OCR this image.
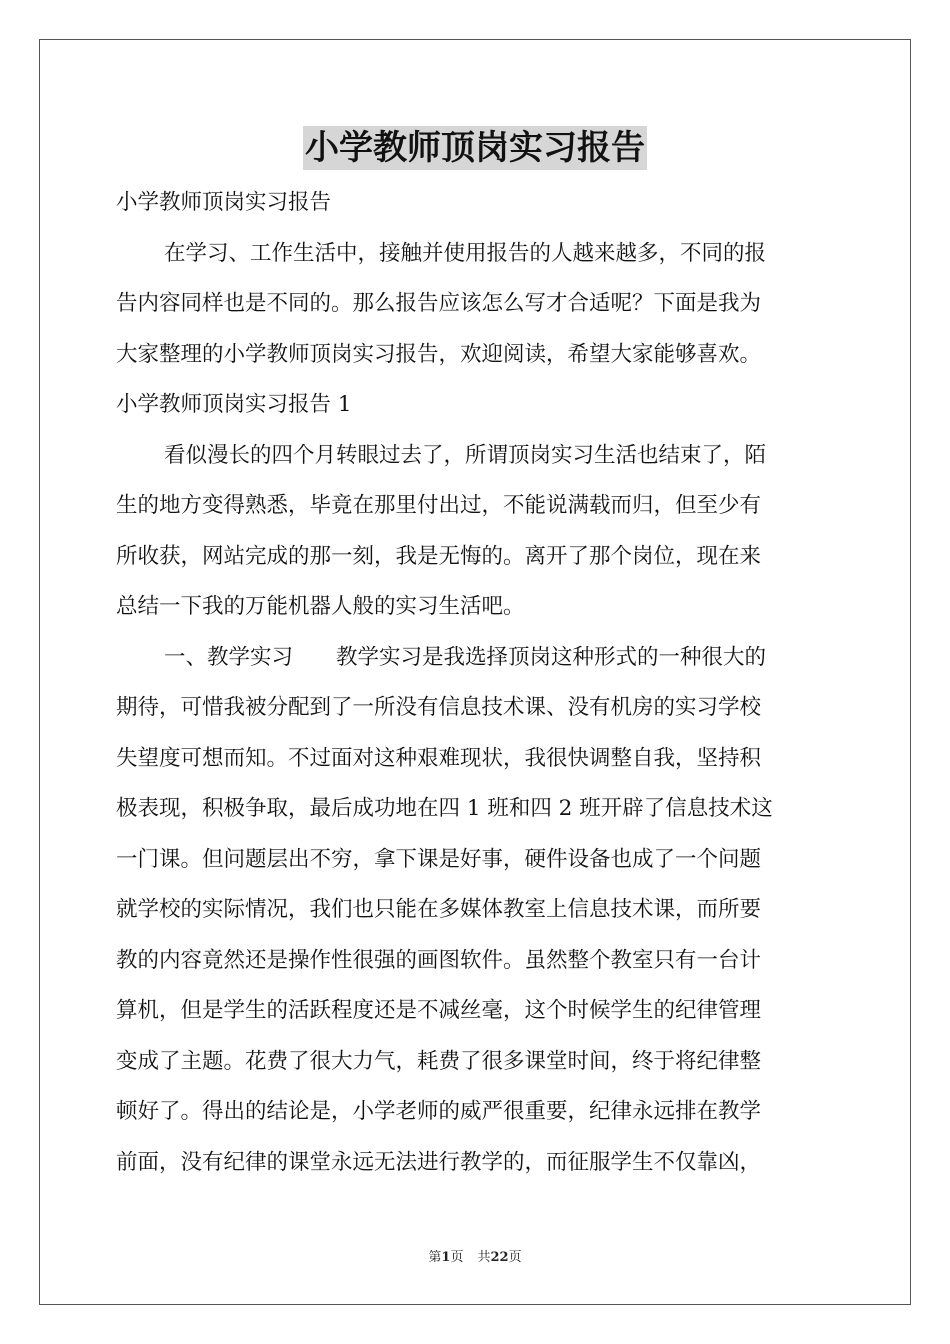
小学教师顶岗实习报告
小学教师顶岗实习报告
在学习、工作生活中，接触并使用报告的人越来越多，不同的报
告内容同样也是不同的。那么报告应该怎么写才合适呢？下面是我为
大家整理的小学教师顶岗实习报告，欢迎阅读，希望大家能够喜欢。
小学教师顶岗实习报告 1
看似漫长的四个月转眼过去了，所谓顶岗实习生活也结束了，陌
生的地方变得熟悉，毕竟在那里付出过，不能说满载而归，但至少有
所收获，网站完成的那一刻，我是无悔的。离开了那个岗位，现在来
总结一下我的万能机器人般的实习生活吧。
一、教学实习　　教学实习是我选择顶岗这种形式的一种很大的
期待，可惜我被分配到了一所没有信息技术课、没有机房的实习学校
失望度可想而知。不过面对这种艰难现状，我很快调整自我，坚持积
极表现，积极争取，最后成功地在四 1 班和四 2 班开辟了信息技术这
一门课。但问题层出不穷，拿下课是好事，硬件设备也成了一个问题
就学校的实际情况，我们也只能在多媒体教室上信息技术课，而所要
教的内容竟然还是操作性很强的画图软件。虽然整个教室只有一台计
算机，但是学生的活跃程度还是不减丝毫，这个时候学生的纪律管理
变成了主题。花费了很大力气，耗费了很多课堂时间，终于将纪律整
顿好了。得出的结论是，小学老师的威严很重要，纪律永远排在教学
前面，没有纪律的课堂永远无法进行教学的，而征服学生不仅靠凶，
第1页 共22页
